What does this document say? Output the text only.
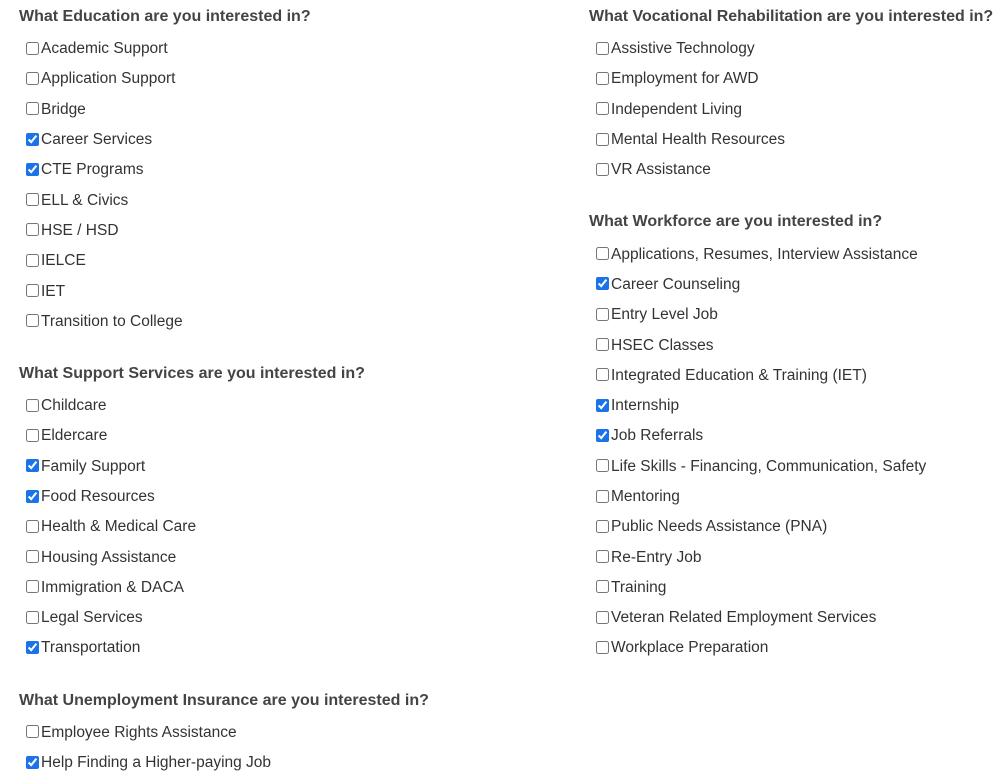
What Education are you interested in?
Academic Support
Application Support
Bridge
Career Services
CTE Programs
ELL & Civics
HSE / HSD
IELCE
IET
Transition to College
What Support Services are you interested in?
Childcare
Eldercare
Family Support
Food Resources
Health & Medical Care
Housing Assistance
Immigration & DACA
Legal Services
Transportation
What Unemployment Insurance are you interested in?
Employee Rights Assistance
Help Finding a Higher-paying Job
What Vocational Rehabilitation are you interested in?
Assistive Technology
Employment for AWD
Independent Living
Mental Health Resources
VR Assistance
What Workforce are you interested in?
Applications, Resumes, Interview Assistance
Career Counseling
Entry Level Job
HSEC Classes
Integrated Education & Training (IET)
Internship
Job Referrals
Life Skills - Financing, Communication, Safety
Mentoring
Public Needs Assistance (PNA)
Re-Entry Job
Training
Veteran Related Employment Services
Workplace Preparation
